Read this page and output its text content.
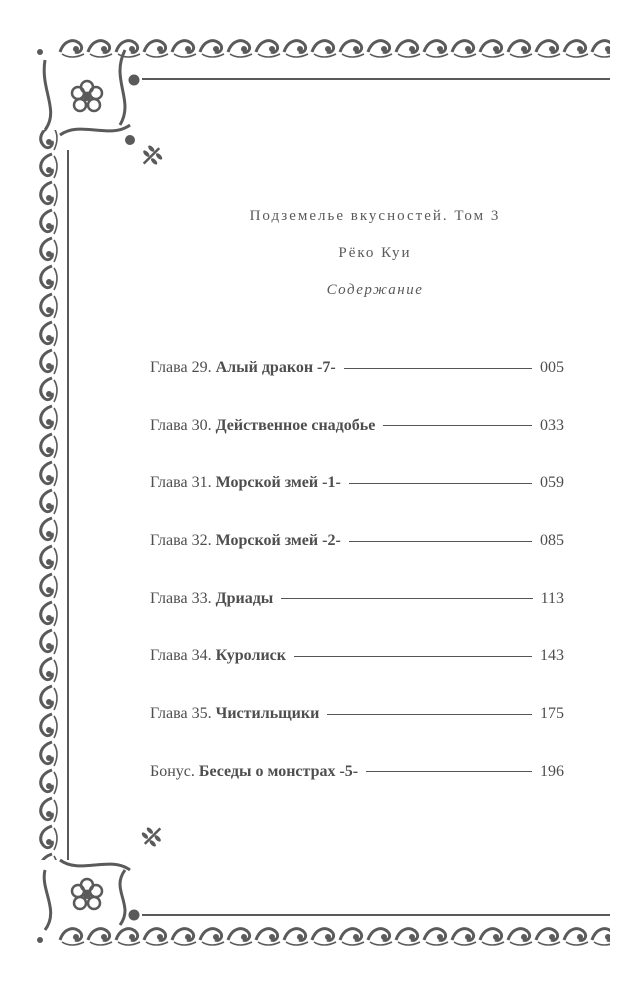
Подземелье вкусностей. Том 3
Рёко Куи
Содержание
Глава 29. Алый дракон -7-	005
Глава 30. Действенное снадобье	033
Глава 31. Морской змей -1-	059
Глава 32. Морской змей -2-	085
Глава 33. Дриады	113
Глава 34. Куролиск	143
Глава 35. Чистильщики	175
Бонус. Беседы о монстрах -5-	196
